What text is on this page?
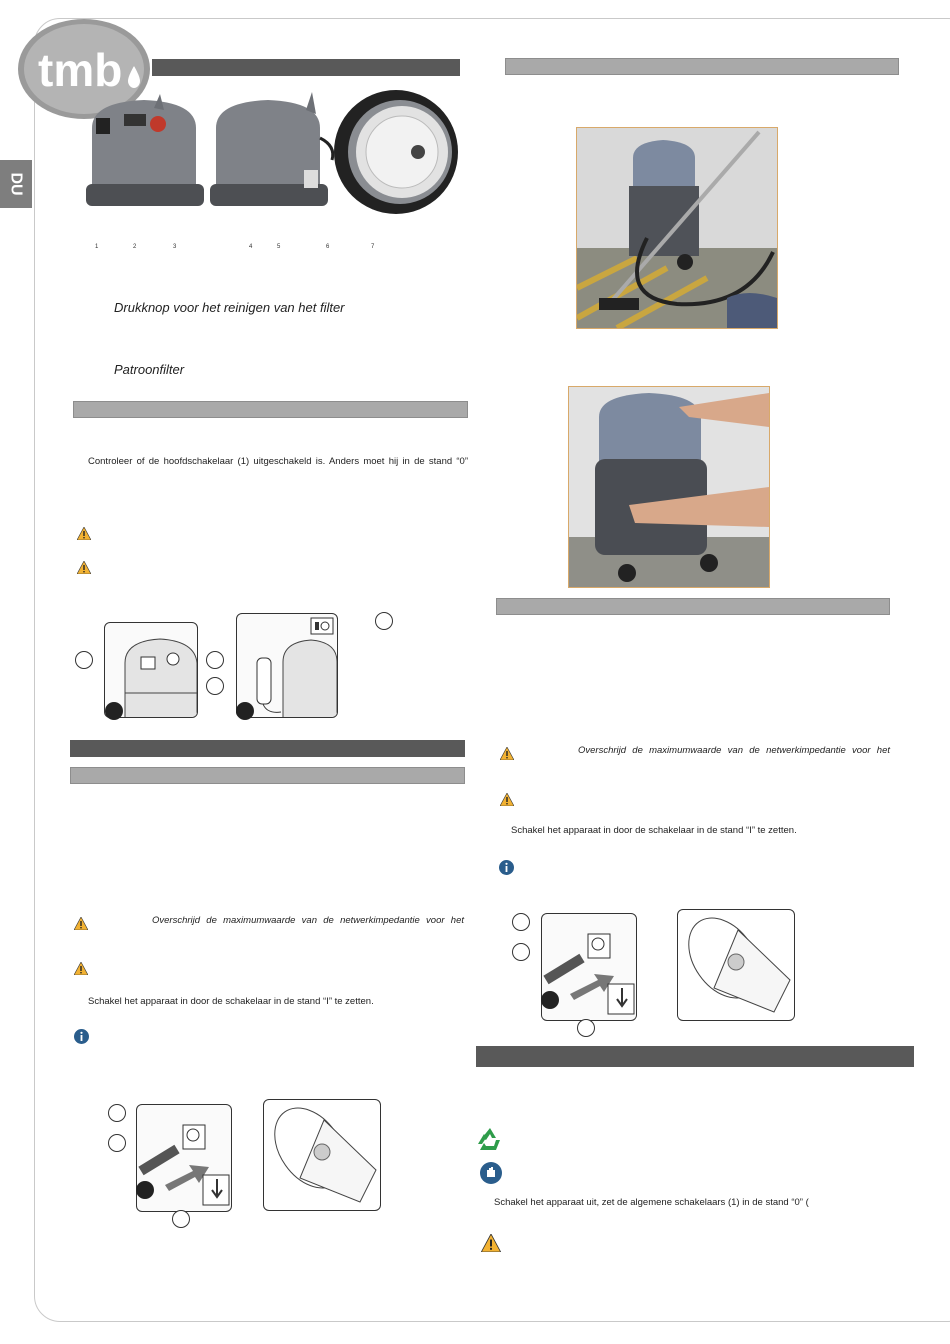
tmb
DU
1	2	3	4	5	6	7
Drukknop voor het reinigen van het filter
Patroonfilter
Controleer of de hoofdschakelaar (1) uitgeschakeld is. Anders moet hij in de stand “0”
Overschrijd de maximumwaarde van de netwerkimpedantie voor het
Schakel het apparaat in door de schakelaar in de stand “I” te zetten.
Overschrijd de maximumwaarde van de netwerkimpedantie voor het
Schakel het apparaat in door de schakelaar in de stand “I” te zetten.
Schakel het apparaat uit, zet de algemene schakelaars (1) in de stand “0” (
